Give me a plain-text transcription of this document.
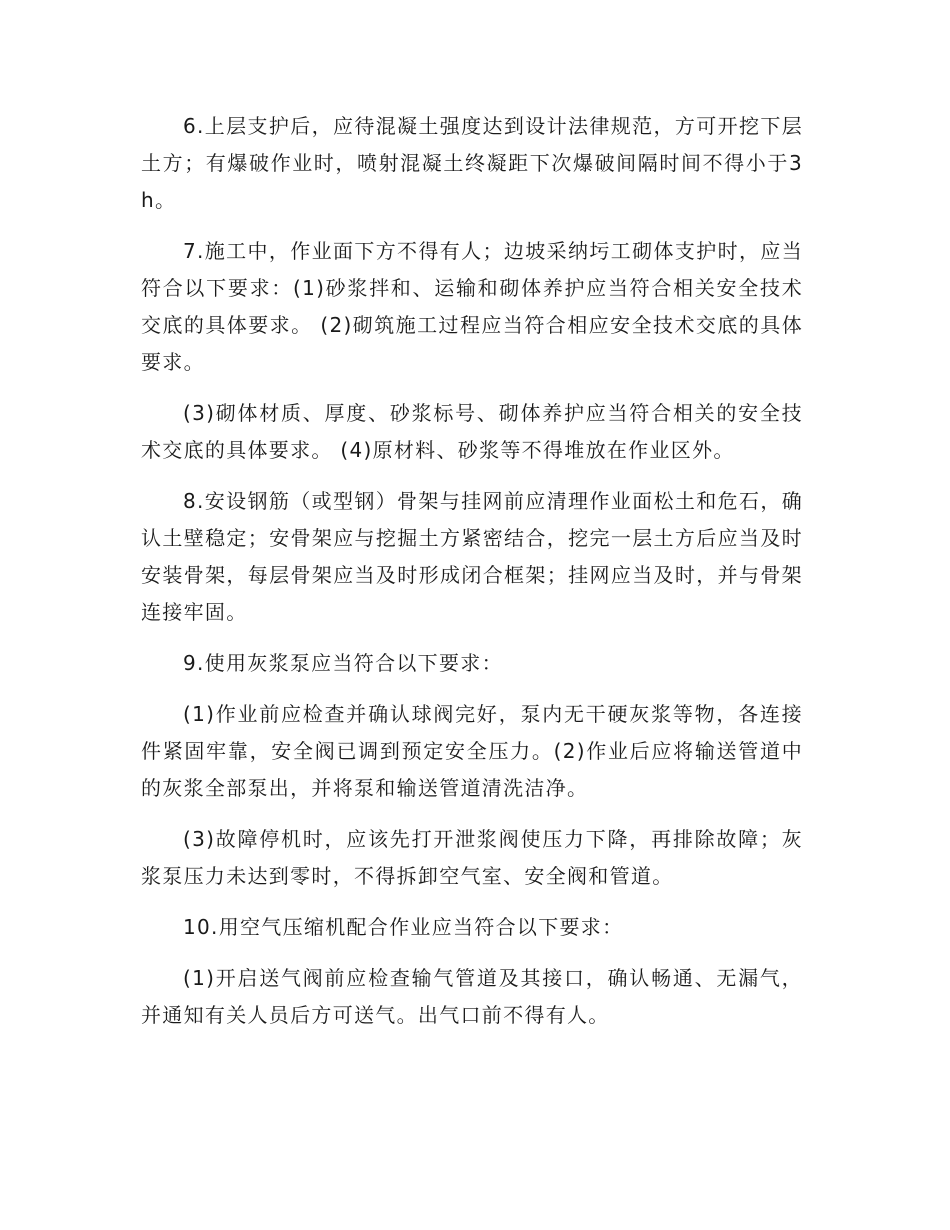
6.上层支护后，应待混凝土强度达到设计法律规范，方可开挖下层土方；有爆破作业时，喷射混凝土终凝距下次爆破间隔时间不得小于3h。

7.施工中，作业面下方不得有人；边坡采纳圬工砌体支护时，应当符合以下要求：(1)砂浆拌和、运输和砌体养护应当符合相关安全技术交底的具体要求。 (2)砌筑施工过程应当符合相应安全技术交底的具体要求。

(3)砌体材质、厚度、砂浆标号、砌体养护应当符合相关的安全技术交底的具体要求。 (4)原材料、砂浆等不得堆放在作业区外。

8.安设钢筋（或型钢）骨架与挂网前应清理作业面松土和危石，确认土壁稳定；安骨架应与挖掘土方紧密结合，挖完一层土方后应当及时安装骨架，每层骨架应当及时形成闭合框架；挂网应当及时，并与骨架连接牢固。

9.使用灰浆泵应当符合以下要求：

(1)作业前应检查并确认球阀完好，泵内无干硬灰浆等物，各连接件紧固牢靠，安全阀已调到预定安全压力。(2)作业后应将输送管道中的灰浆全部泵出，并将泵和输送管道清洗洁净。

(3)故障停机时，应该先打开泄浆阀使压力下降，再排除故障；灰浆泵压力未达到零时，不得拆卸空气室、安全阀和管道。

10.用空气压缩机配合作业应当符合以下要求：

(1)开启送气阀前应检查输气管道及其接口，确认畅通、无漏气，并通知有关人员后方可送气。出气口前不得有人。
